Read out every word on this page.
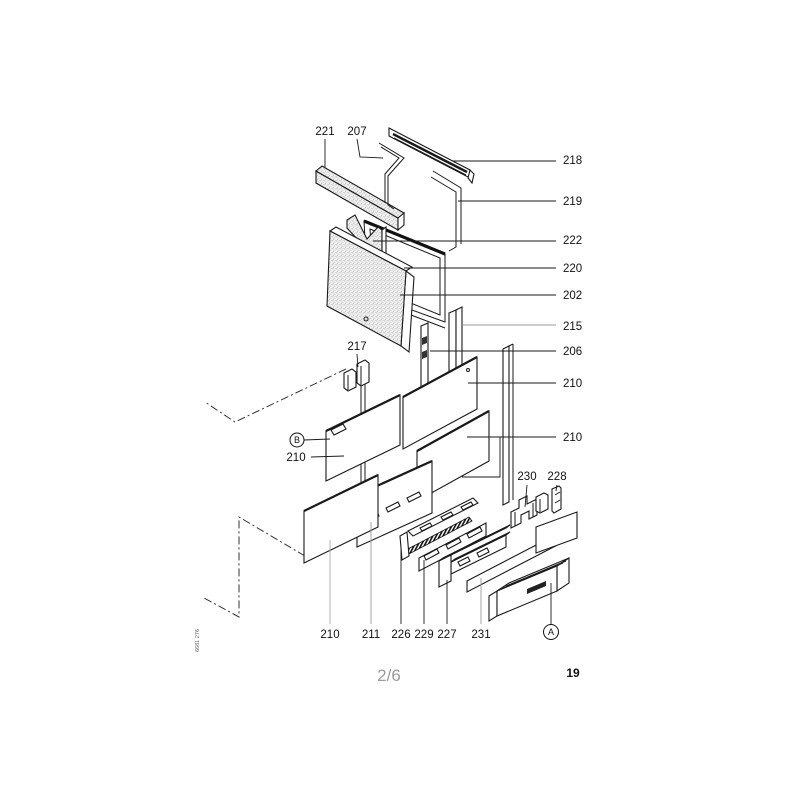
221 207
218
219
222
220
202
215
206
210
210
217
210
230 228
210 211 226 229 227 231
B
A
2/6	19
6681 276
